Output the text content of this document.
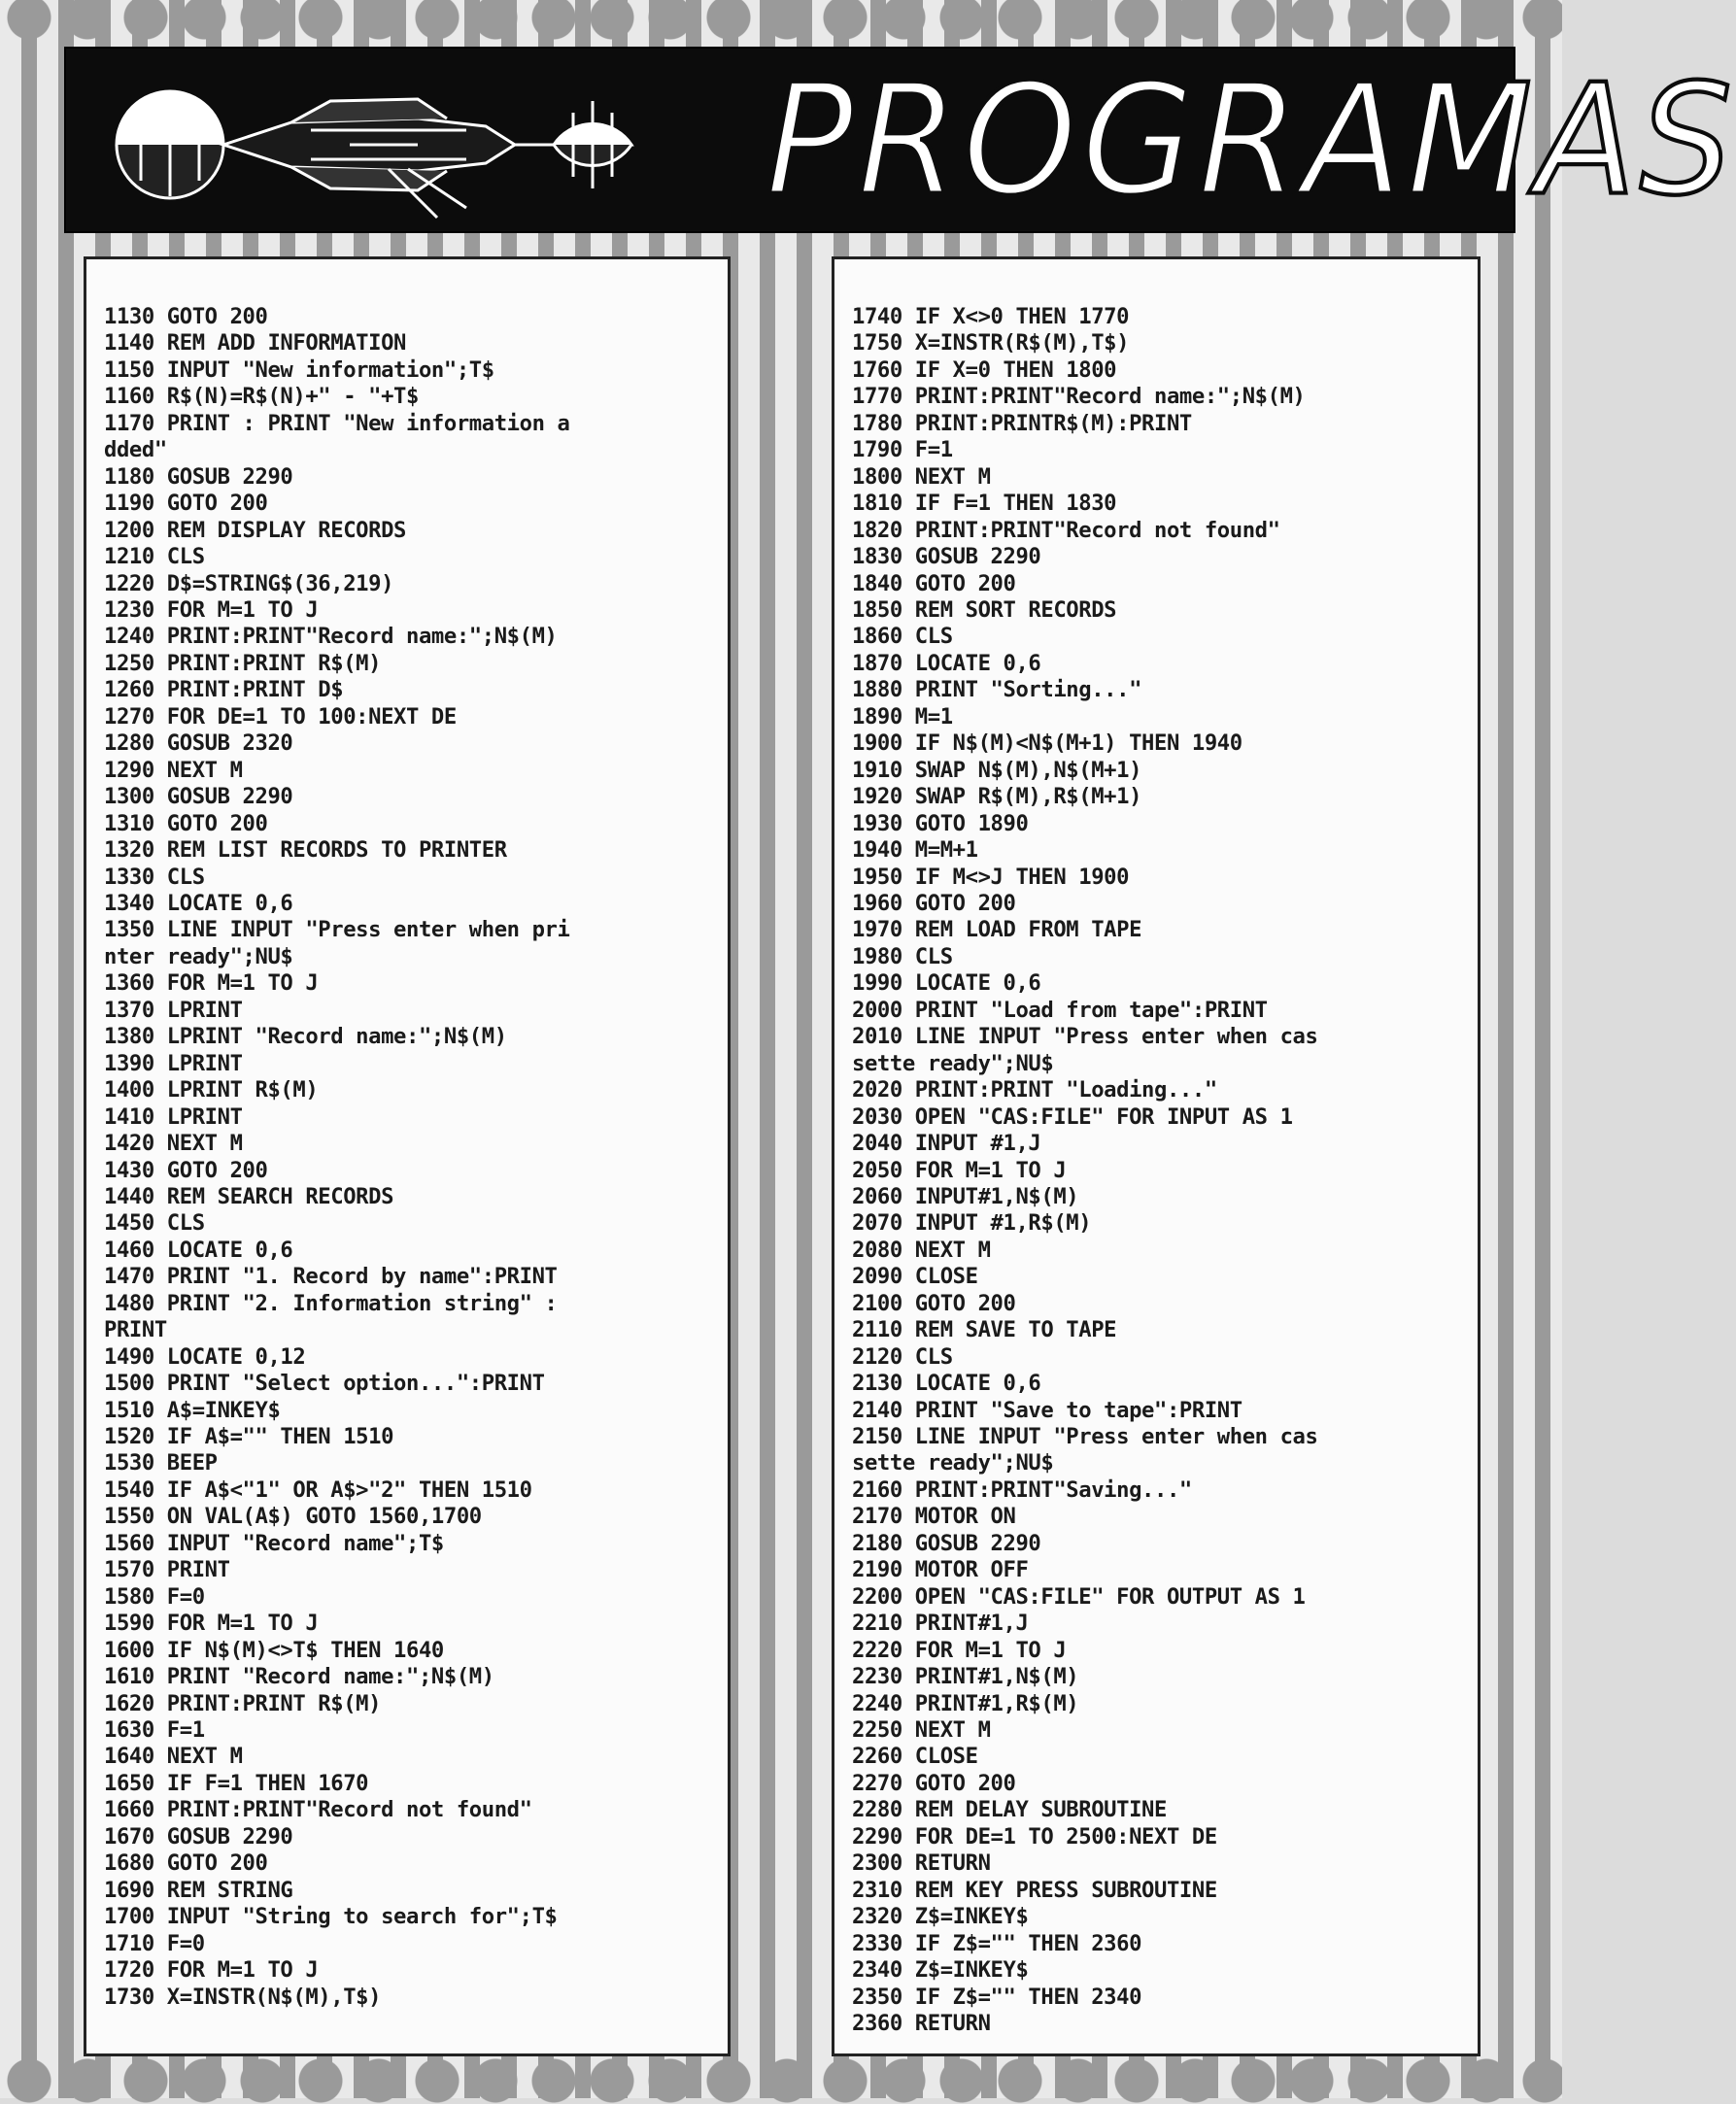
PROGRAMAS
1130 GOTO 200
1140 REM ADD INFORMATION
1150 INPUT "New information";T$
1160 R$(N)=R$(N)+" - "+T$
1170 PRINT : PRINT "New information a
dded"
1180 GOSUB 2290
1190 GOTO 200
1200 REM DISPLAY RECORDS
1210 CLS
1220 D$=STRING$(36,219)
1230 FOR M=1 TO J
1240 PRINT:PRINT"Record name:";N$(M)
1250 PRINT:PRINT R$(M)
1260 PRINT:PRINT D$
1270 FOR DE=1 TO 100:NEXT DE
1280 GOSUB 2320
1290 NEXT M
1300 GOSUB 2290
1310 GOTO 200
1320 REM LIST RECORDS TO PRINTER
1330 CLS
1340 LOCATE 0,6
1350 LINE INPUT "Press enter when pri
nter ready";NU$
1360 FOR M=1 TO J
1370 LPRINT
1380 LPRINT "Record name:";N$(M)
1390 LPRINT
1400 LPRINT R$(M)
1410 LPRINT
1420 NEXT M
1430 GOTO 200
1440 REM SEARCH RECORDS
1450 CLS
1460 LOCATE 0,6
1470 PRINT "1. Record by name":PRINT
1480 PRINT "2. Information string" :
PRINT
1490 LOCATE 0,12
1500 PRINT "Select option...":PRINT
1510 A$=INKEY$
1520 IF A$="" THEN 1510
1530 BEEP
1540 IF A$<"1" OR A$>"2" THEN 1510
1550 ON VAL(A$) GOTO 1560,1700
1560 INPUT "Record name";T$
1570 PRINT
1580 F=0
1590 FOR M=1 TO J
1600 IF N$(M)<>T$ THEN 1640
1610 PRINT "Record name:";N$(M)
1620 PRINT:PRINT R$(M)
1630 F=1
1640 NEXT M
1650 IF F=1 THEN 1670
1660 PRINT:PRINT"Record not found"
1670 GOSUB 2290
1680 GOTO 200
1690 REM STRING
1700 INPUT "String to search for";T$
1710 F=0
1720 FOR M=1 TO J
1730 X=INSTR(N$(M),T$)
1740 IF X<>0 THEN 1770
1750 X=INSTR(R$(M),T$)
1760 IF X=0 THEN 1800
1770 PRINT:PRINT"Record name:";N$(M)
1780 PRINT:PRINTR$(M):PRINT
1790 F=1
1800 NEXT M
1810 IF F=1 THEN 1830
1820 PRINT:PRINT"Record not found"
1830 GOSUB 2290
1840 GOTO 200
1850 REM SORT RECORDS
1860 CLS
1870 LOCATE 0,6
1880 PRINT "Sorting..."
1890 M=1
1900 IF N$(M)<N$(M+1) THEN 1940
1910 SWAP N$(M),N$(M+1)
1920 SWAP R$(M),R$(M+1)
1930 GOTO 1890
1940 M=M+1
1950 IF M<>J THEN 1900
1960 GOTO 200
1970 REM LOAD FROM TAPE
1980 CLS
1990 LOCATE 0,6
2000 PRINT "Load from tape":PRINT
2010 LINE INPUT "Press enter when cas
sette ready";NU$
2020 PRINT:PRINT "Loading..."
2030 OPEN "CAS:FILE" FOR INPUT AS 1
2040 INPUT #1,J
2050 FOR M=1 TO J
2060 INPUT#1,N$(M)
2070 INPUT #1,R$(M)
2080 NEXT M
2090 CLOSE
2100 GOTO 200
2110 REM SAVE TO TAPE
2120 CLS
2130 LOCATE 0,6
2140 PRINT "Save to tape":PRINT
2150 LINE INPUT "Press enter when cas
sette ready";NU$
2160 PRINT:PRINT"Saving..."
2170 MOTOR ON
2180 GOSUB 2290
2190 MOTOR OFF
2200 OPEN "CAS:FILE" FOR OUTPUT AS 1
2210 PRINT#1,J
2220 FOR M=1 TO J
2230 PRINT#1,N$(M)
2240 PRINT#1,R$(M)
2250 NEXT M
2260 CLOSE
2270 GOTO 200
2280 REM DELAY SUBROUTINE
2290 FOR DE=1 TO 2500:NEXT DE
2300 RETURN
2310 REM KEY PRESS SUBROUTINE
2320 Z$=INKEY$
2330 IF Z$="" THEN 2360
2340 Z$=INKEY$
2350 IF Z$="" THEN 2340
2360 RETURN
